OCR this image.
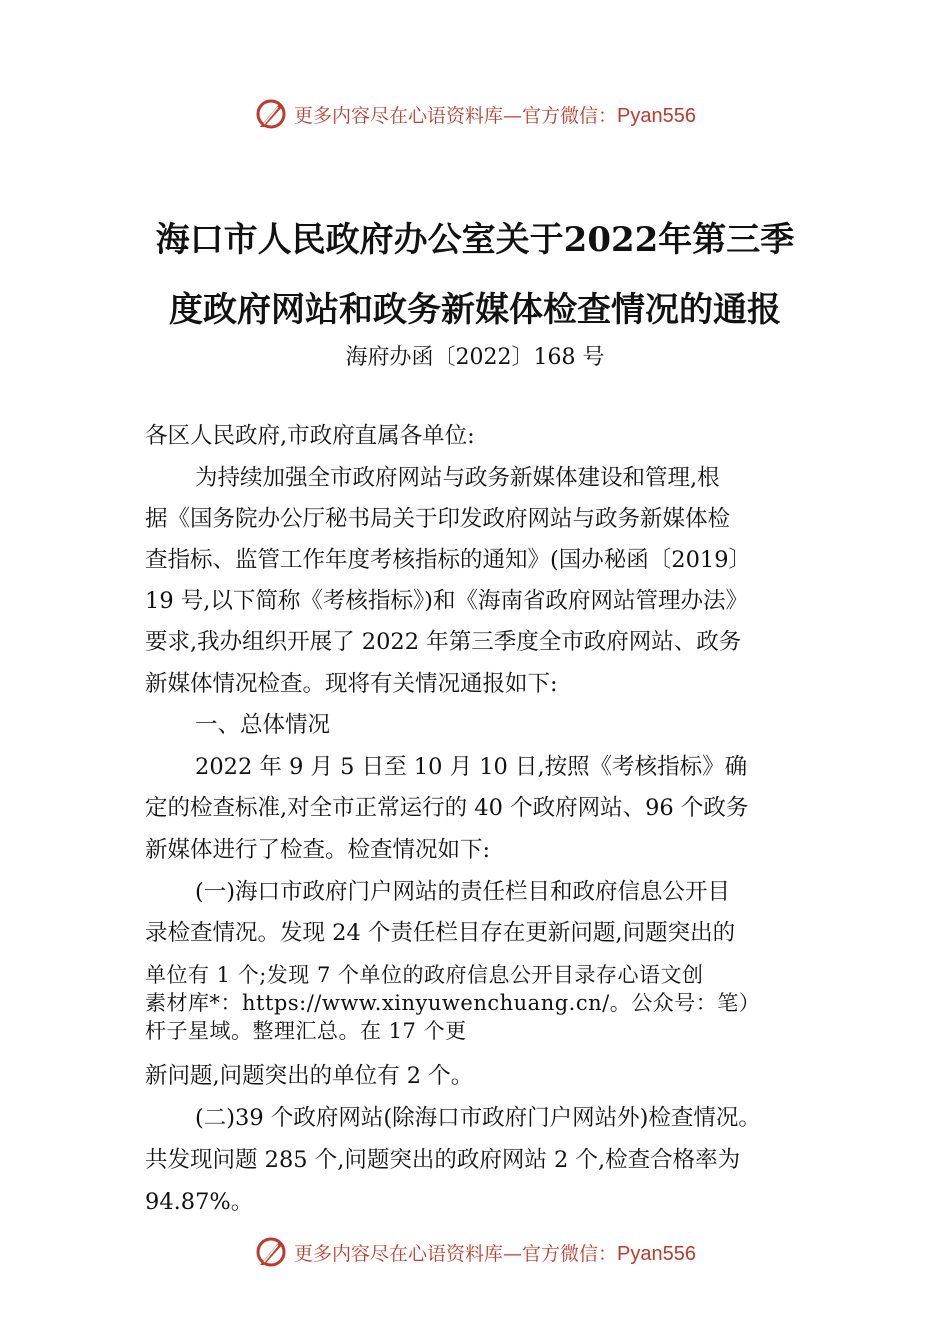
更多内容尽在心语资料库—官方微信：Pyan556
海口市人民政府办公室关于2022年第三季
度政府网站和政务新媒体检查情况的通报
海府办函〔2022〕168 号
各区人民政府,市政府直属各单位:
为持续加强全市政府网站与政务新媒体建设和管理,根
据《国务院办公厅秘书局关于印发政府网站与政务新媒体检
查指标、监管工作年度考核指标的通知》(国办秘函〔2019〕
19 号,以下简称《考核指标》)和《海南省政府网站管理办法》
要求,我办组织开展了 2022 年第三季度全市政府网站、政务
新媒体情况检查。现将有关情况通报如下:
一、总体情况
2022 年 9 月 5 日至 10 月 10 日,按照《考核指标》确
定的检查标准,对全市正常运行的 40 个政府网站、96 个政务
新媒体进行了检查。检查情况如下:
(一)海口市政府门户网站的责任栏目和政府信息公开目
录检查情况。发现 24 个责任栏目存在更新问题,问题突出的
单位有 1 个;发现 7 个单位的政府信息公开目录存心语文创
素材库*：https://www.xinyuwenchuang.cn/。公众号：笔）
杆子星域。整理汇总。在 17 个更
新问题,问题突出的单位有 2 个。
(二)39 个政府网站(除海口市政府门户网站外)检查情况。
共发现问题 285 个,问题突出的政府网站 2 个,检查合格率为
94.87%。
更多内容尽在心语资料库—官方微信：Pyan556
